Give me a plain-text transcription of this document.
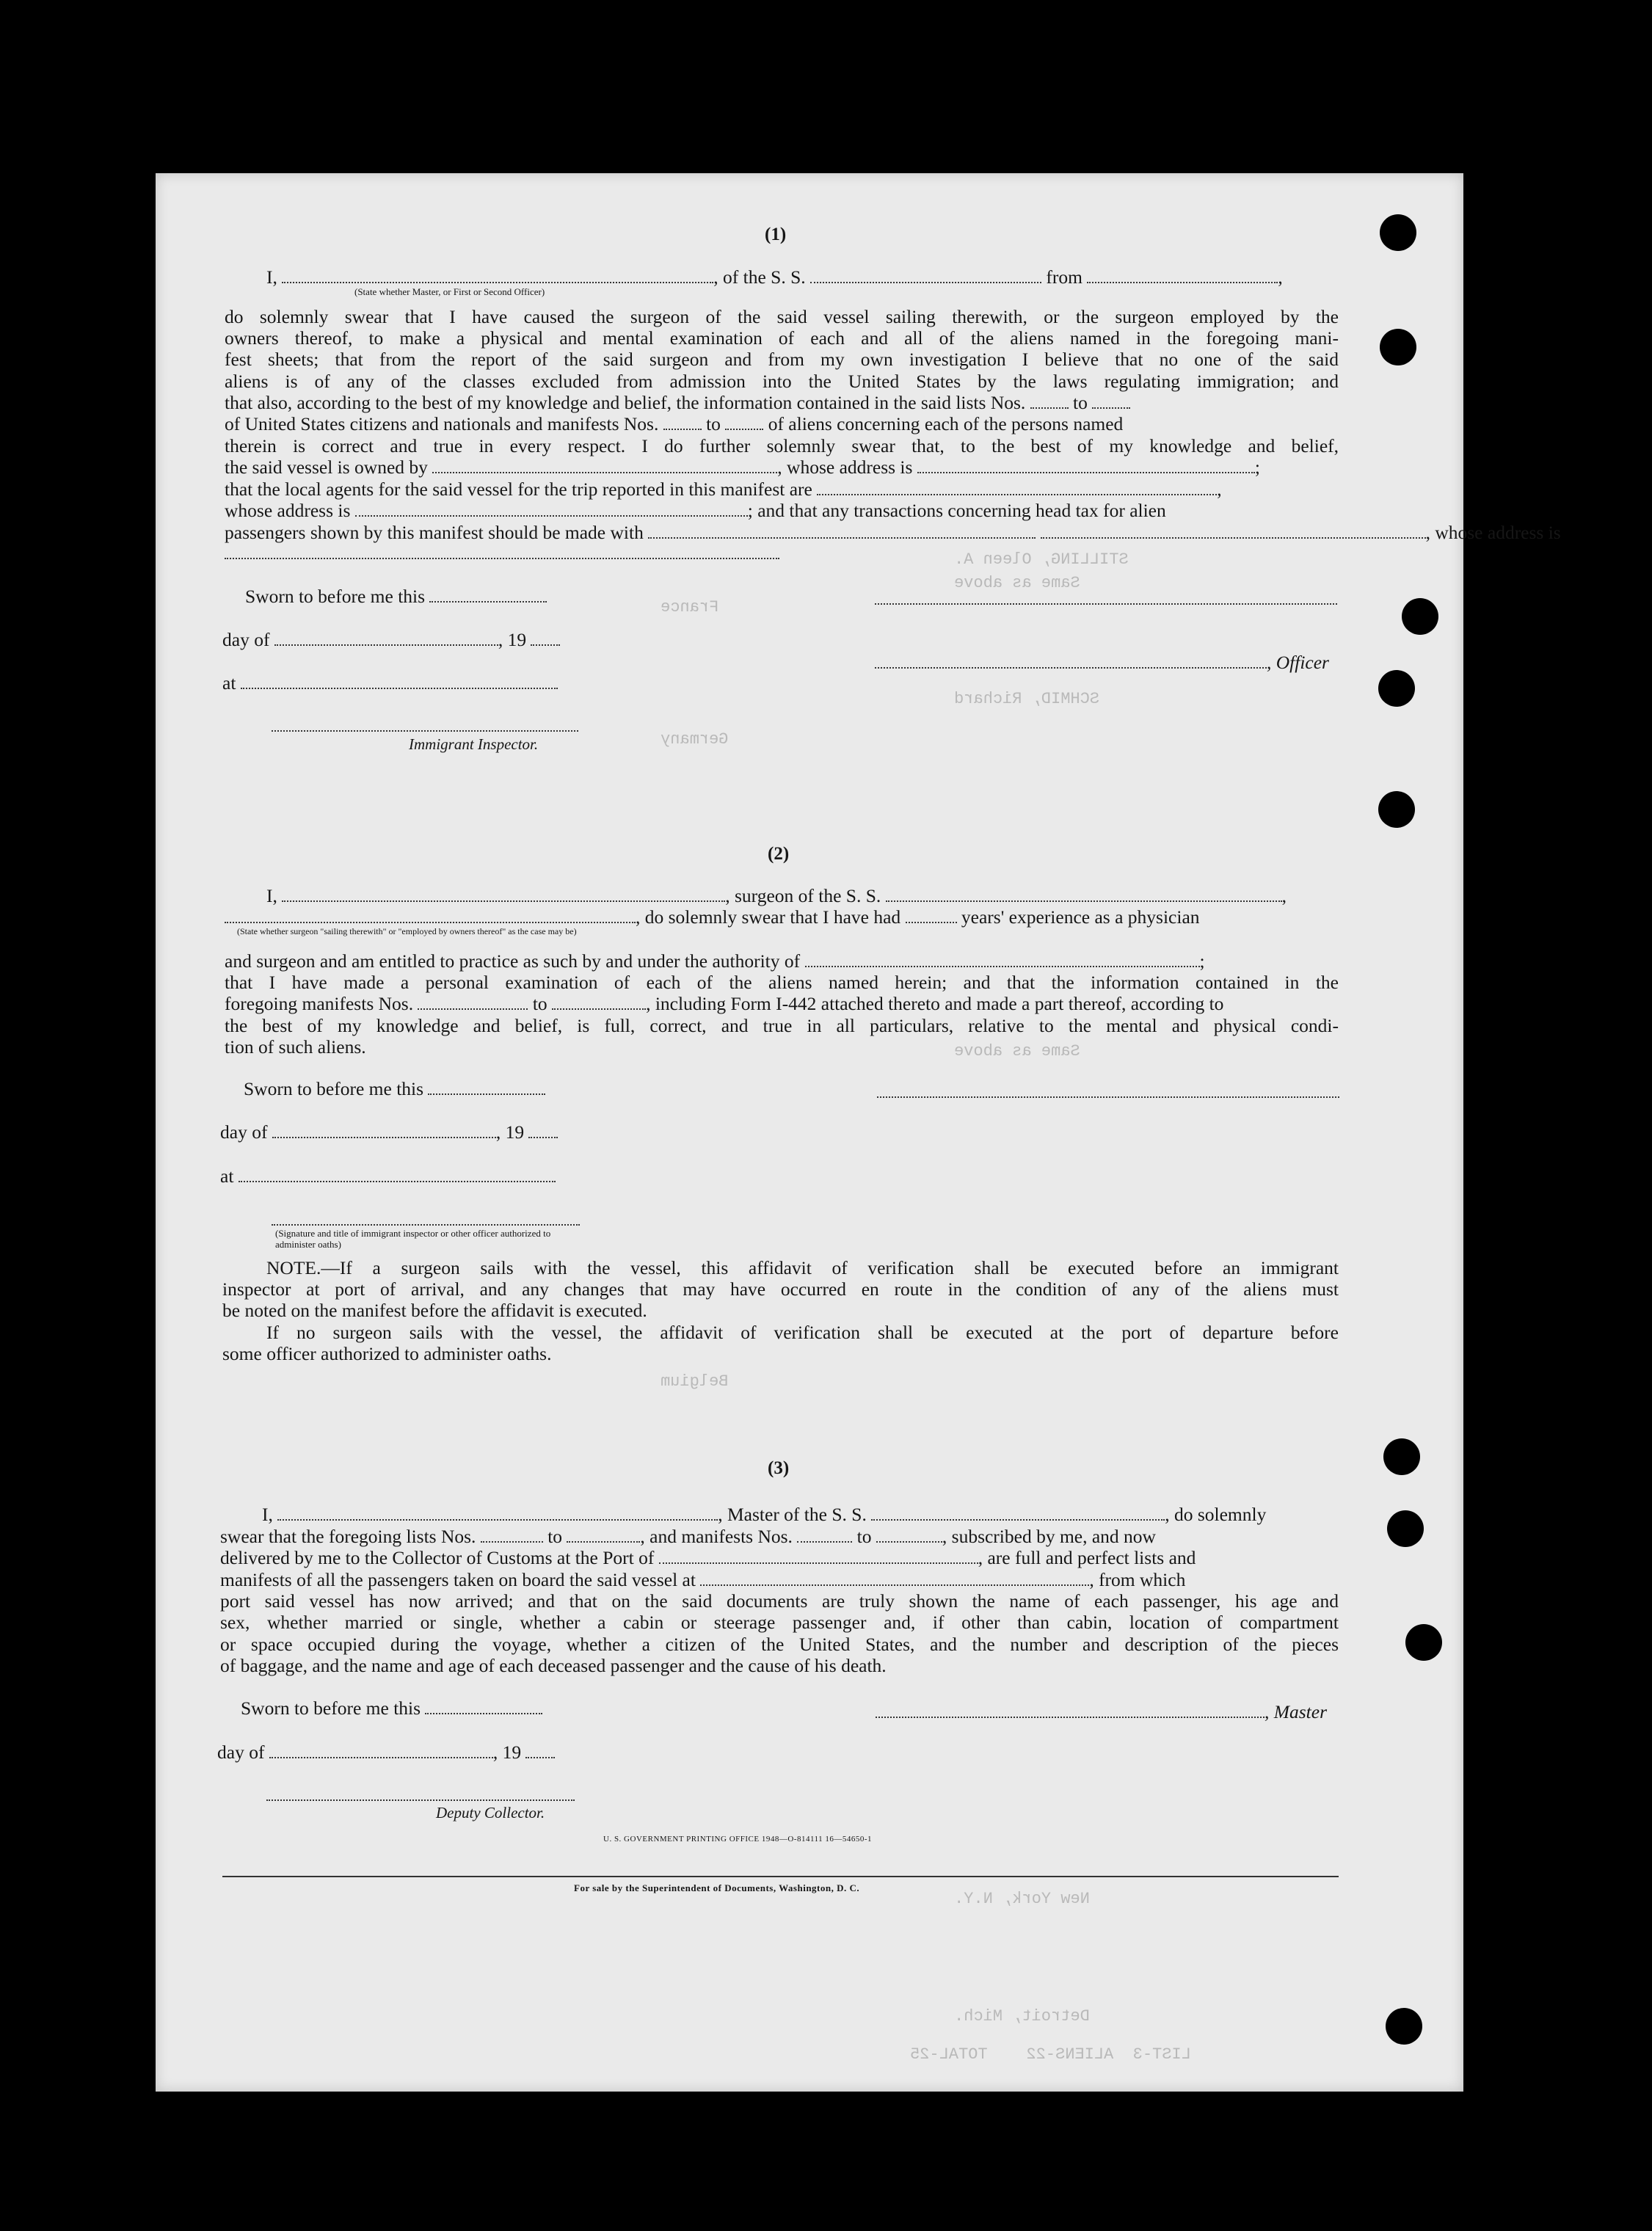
STILLING, Oleen A.
Same as above
France
SCHMID, Richard
Germany
Same as above
Belgium
New York, N.Y.
Detroit, Mich.
LIST-3  ALIENS-22    TOTAL-25
(1)
I,	, of the S. S.	from	,
(State whether Master, or First or Second Officer)
do solemnly swear that I have caused the surgeon of the said vessel sailing therewith, or the surgeon employed by the
owners thereof, to make a physical and mental examination of each and all of the aliens named in the foregoing mani-
fest sheets; that from the report of the said surgeon and from my own investigation I believe that no one of the said
aliens is of any of the classes excluded from admission into the United States by the laws regulating immigration; and
that also, according to the best of my knowledge and belief, the information contained in the said lists Nos.	to
of United States citizens and nationals and manifests Nos.	to	of aliens concerning each of the persons named
therein is correct and true in every respect. I do further solemnly swear that, to the best of my knowledge and belief,
the said vessel is owned by	, whose address is	;
that the local agents for the said vessel for the trip reported in this manifest are	,
whose address is	; and that any transactions concerning head tax for alien
passengers shown by this manifest should be made with	, whose address is
Sworn to before me this
day of	, 19
at
Immigrant Inspector.
, Officer
(2)
I,	, surgeon of the S. S.	,
, do solemnly swear that I have had	years' experience as a physician
(State whether surgeon "sailing therewith" or "employed by owners thereof" as the case may be)
and surgeon and am entitled to practice as such by and under the authority of	;
that I have made a personal examination of each of the aliens named herein; and that the information contained in the
foregoing manifests Nos.	to	, including Form I-442 attached thereto and made a part thereof, according to
the best of my knowledge and belief, is full, correct, and true in all particulars, relative to the mental and physical condi-
tion of such aliens.
Sworn to before me this
day of	, 19
at
(Signature and title of immigrant inspector or other officer authorized to administer oaths)
NOTE.—If a surgeon sails with the vessel, this affidavit of verification shall be executed before an immigrant
inspector at port of arrival, and any changes that may have occurred en route in the condition of any of the aliens must
be noted on the manifest before the affidavit is executed.
If no surgeon sails with the vessel, the affidavit of verification shall be executed at the port of departure before
some officer authorized to administer oaths.
(3)
I,	, Master of the S. S.	, do solemnly
swear that the foregoing lists Nos.	to	, and manifests Nos.	to	, subscribed by me, and now
delivered by me to the Collector of Customs at the Port of	, are full and perfect lists and
manifests of all the passengers taken on board the said vessel at	, from which
port said vessel has now arrived; and that on the said documents are truly shown the name of each passenger, his age and
sex, whether married or single, whether a cabin or steerage passenger and, if other than cabin, location of compartment
or space occupied during the voyage, whether a citizen of the United States, and the number and description of the pieces
of baggage, and the name and age of each deceased passenger and the cause of his death.
Sworn to before me this	, Master
day of	, 19
Deputy Collector.
U. S. GOVERNMENT PRINTING OFFICE 1948—O-814111 16—54650-1
For sale by the Superintendent of Documents, Washington, D. C.
